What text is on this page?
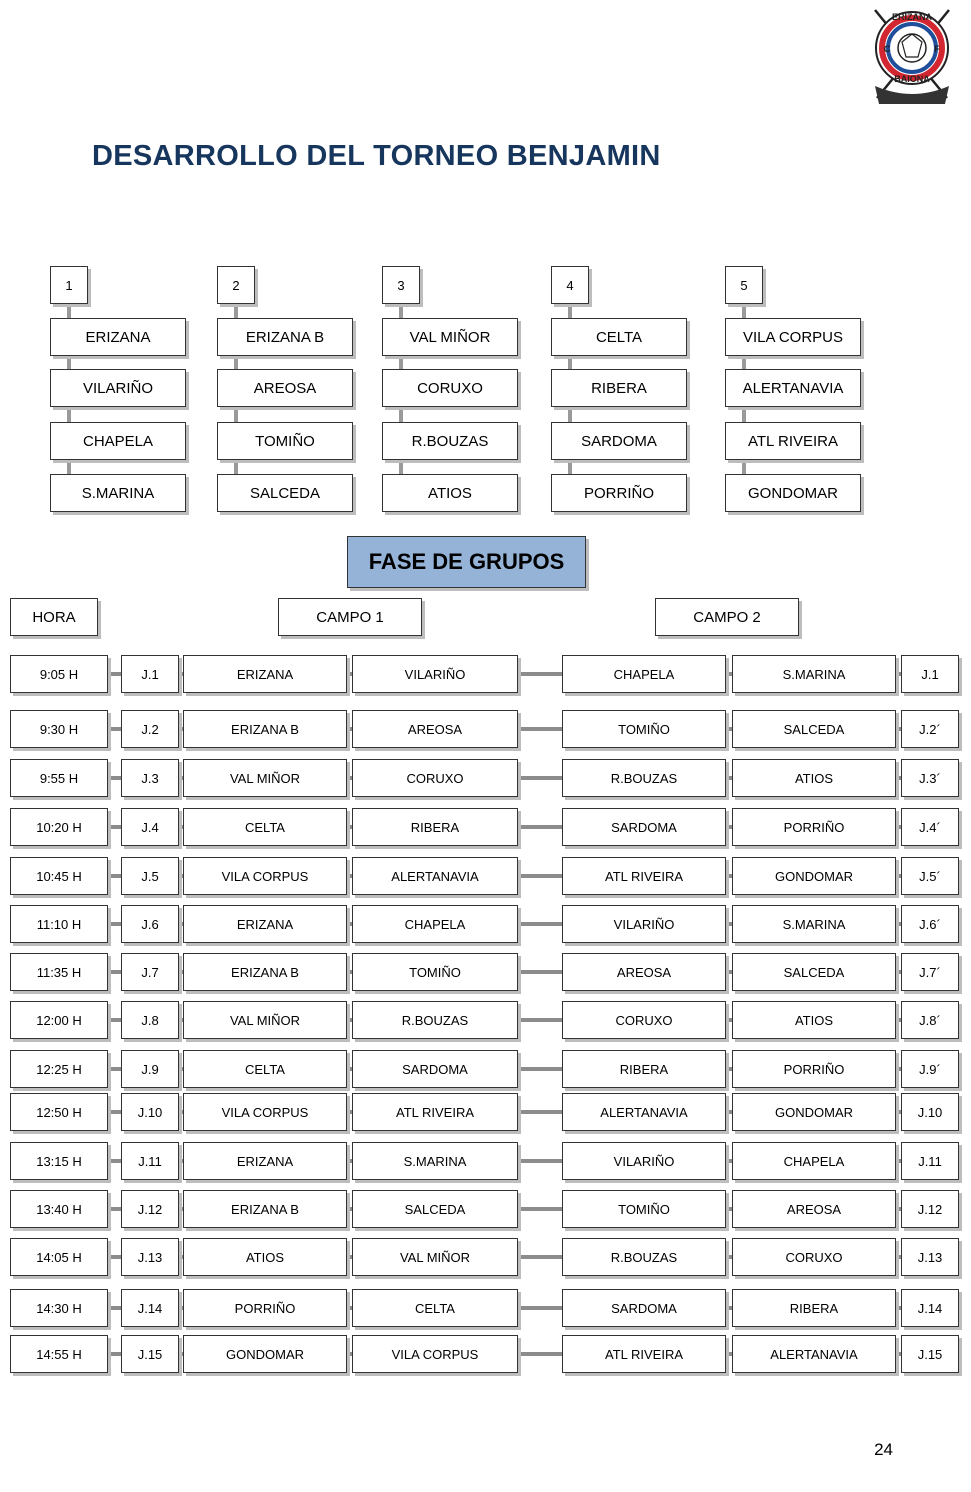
ERIZANA
BAIONA
C	F
DESARROLLO DEL TORNEO BENJAMIN
1
ERIZANA
VILARIÑO
CHAPELA
S.MARINA
2
ERIZANA B
AREOSA
TOMIÑO
SALCEDA
3
VAL MIÑOR
CORUXO
R.BOUZAS
ATIOS
4
CELTA
RIBERA
SARDOMA
PORRIÑO
5
VILA CORPUS
ALERTANAVIA
ATL RIVEIRA
GONDOMAR
FASE DE GRUPOS
HORA	CAMPO 1	CAMPO 2
9:05 H	J.1	ERIZANA	VILARIÑO	CHAPELA	S.MARINA	J.1
9:30 H	J.2	ERIZANA B	AREOSA	TOMIÑO	SALCEDA	J.2´
9:55 H	J.3	VAL MIÑOR	CORUXO	R.BOUZAS	ATIOS	J.3´
10:20 H	J.4	CELTA	RIBERA	SARDOMA	PORRIÑO	J.4´
10:45 H	J.5	VILA CORPUS	ALERTANAVIA	ATL RIVEIRA	GONDOMAR	J.5´
11:10 H	J.6	ERIZANA	CHAPELA	VILARIÑO	S.MARINA	J.6´
11:35 H	J.7	ERIZANA B	TOMIÑO	AREOSA	SALCEDA	J.7´
12:00 H	J.8	VAL MIÑOR	R.BOUZAS	CORUXO	ATIOS	J.8´
12:25 H	J.9	CELTA	SARDOMA	RIBERA	PORRIÑO	J.9´
12:50 H	J.10	VILA CORPUS	ATL RIVEIRA	ALERTANAVIA	GONDOMAR	J.10
13:15 H	J.11	ERIZANA	S.MARINA	VILARIÑO	CHAPELA	J.11
13:40 H	J.12	ERIZANA B	SALCEDA	TOMIÑO	AREOSA	J.12
14:05 H	J.13	ATIOS	VAL MIÑOR	R.BOUZAS	CORUXO	J.13
14:30 H	J.14	PORRIÑO	CELTA	SARDOMA	RIBERA	J.14
14:55 H	J.15	GONDOMAR	VILA CORPUS	ATL RIVEIRA	ALERTANAVIA	J.15
24
